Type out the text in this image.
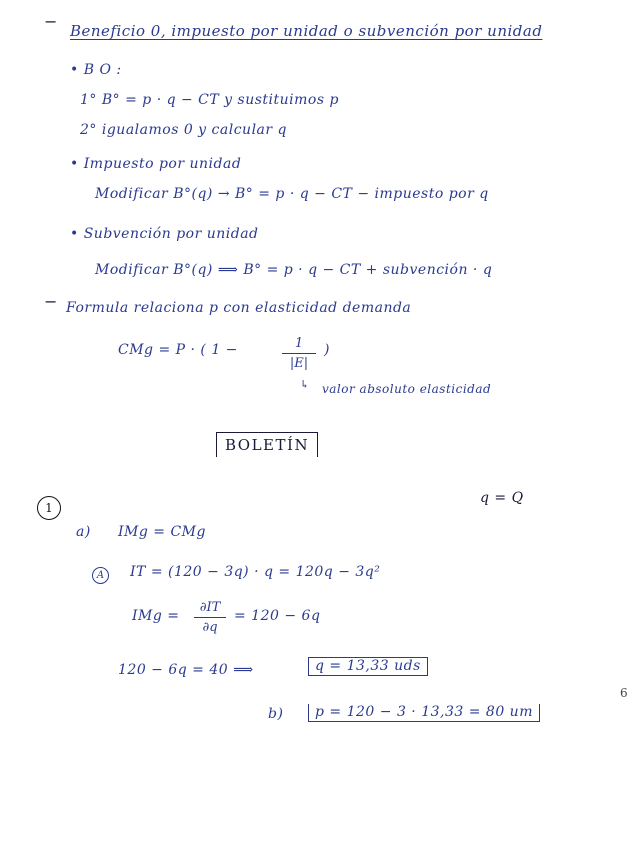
− Beneficio 0, impuesto por unidad o subvención por unidad
• B O :
1° B° = p · q − CT y sustituimos p
2° igualamos 0 y calcular q
• Impuesto por unidad
Modificar B°(q) → B° = p · q − CT − impuesto por q
• Subvención por unidad
Modificar B°(q) ⟹ B° = p · q − CT + subvención · q
− Formula relaciona p con elasticidad demanda
CMg = P · ( 1 −	1
|E|
)
↳ valor absoluto elasticidad
BOLETÍN
1
q = Q
a) IMg = CMg
A	IT = (120 − 3q) · q = 120q − 3q²
IMg =
∂IT
∂q
= 120 − 6q
120 − 6q = 40 ⟹	q = 13,33 uds
b)	p = 120 − 3 · 13,33 = 80 um
6
